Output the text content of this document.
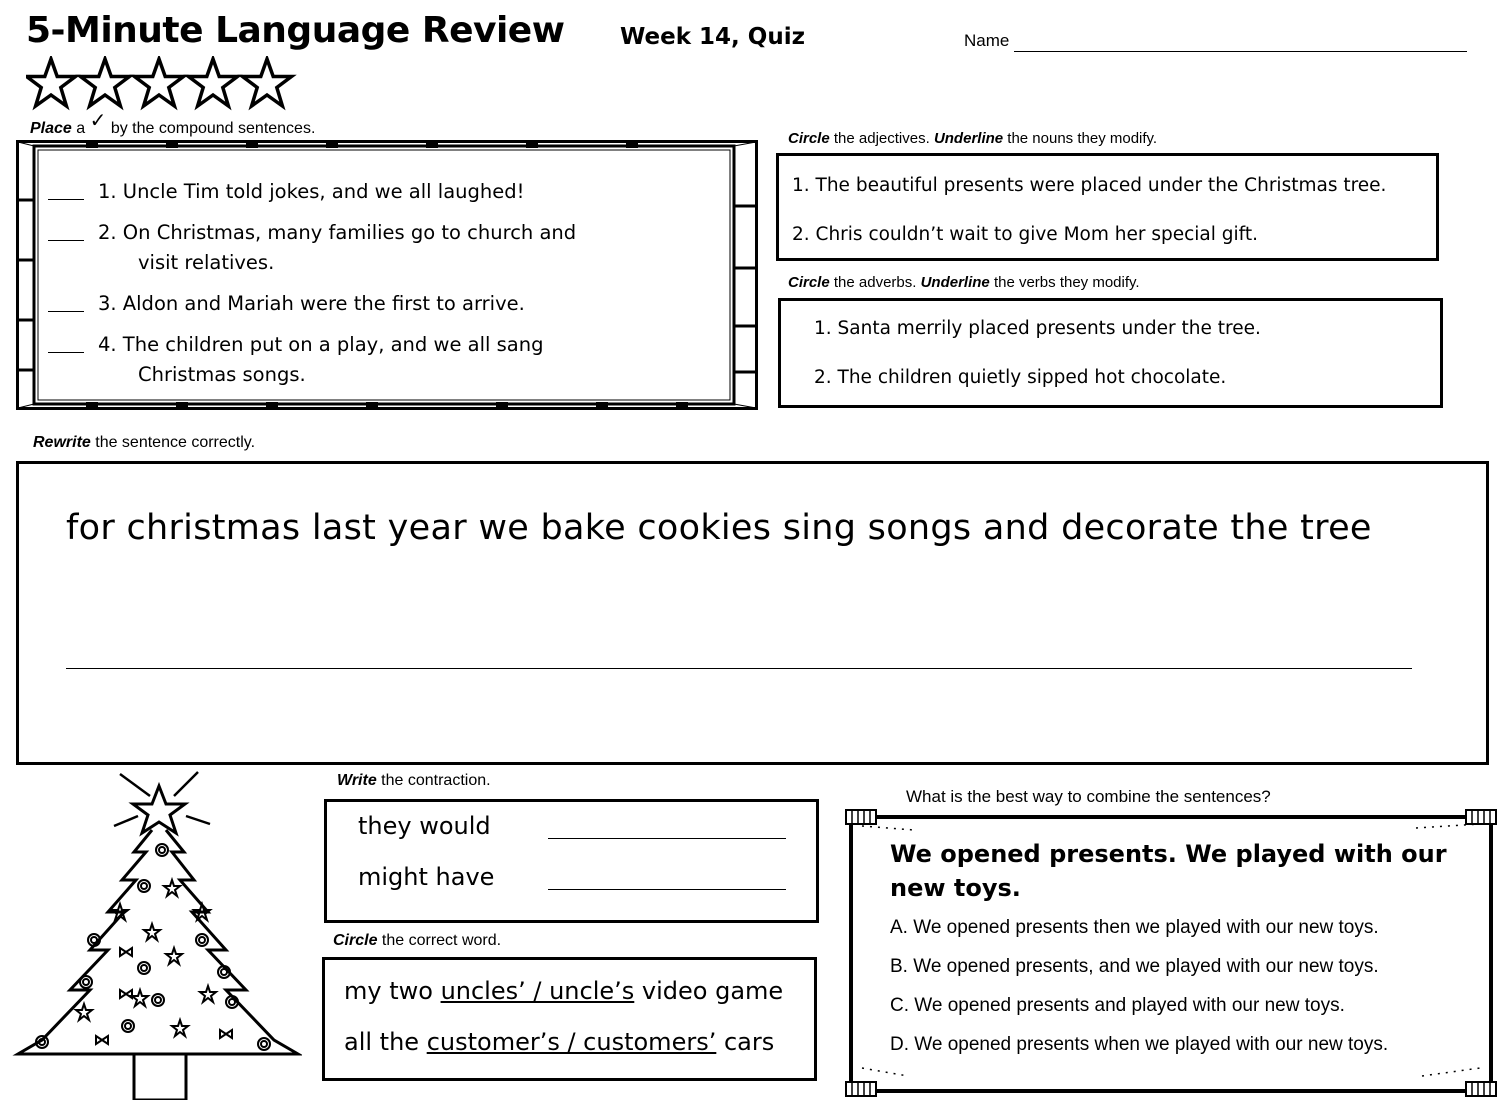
5-Minute Language Review Week 14, Quiz	Name
Place a ✓ by the compound sentences.
1. Uncle Tim told jokes, and we all laughed!
2. On Christmas, many families go to church and
visit relatives.
3. Aldon and Mariah were the first to arrive.
4. The children put on a play, and we all sang
Christmas songs.
Circle the adjectives. Underline the nouns they modify.
1. The beautiful presents were placed under the Christmas tree.
2. Chris couldn’t wait to give Mom her special gift.
Circle the adverbs. Underline the verbs they modify.
1. Santa merrily placed presents under the tree.
2. The children quietly sipped hot chocolate.
Rewrite the sentence correctly.
for christmas last year we bake cookies sing songs and decorate the tree
Write the contraction.
they would
might have
Circle the correct word.
my two uncles’ / uncle’s video game
all the customer’s / customers’ cars
What is the best way to combine the sentences?
We opened presents. We played with our
new toys.
A. We opened presents then we played with our new toys.
B. We opened presents, and we played with our new toys.
C. We opened presents and played with our new toys.
D. We opened presents when we played with our new toys.
